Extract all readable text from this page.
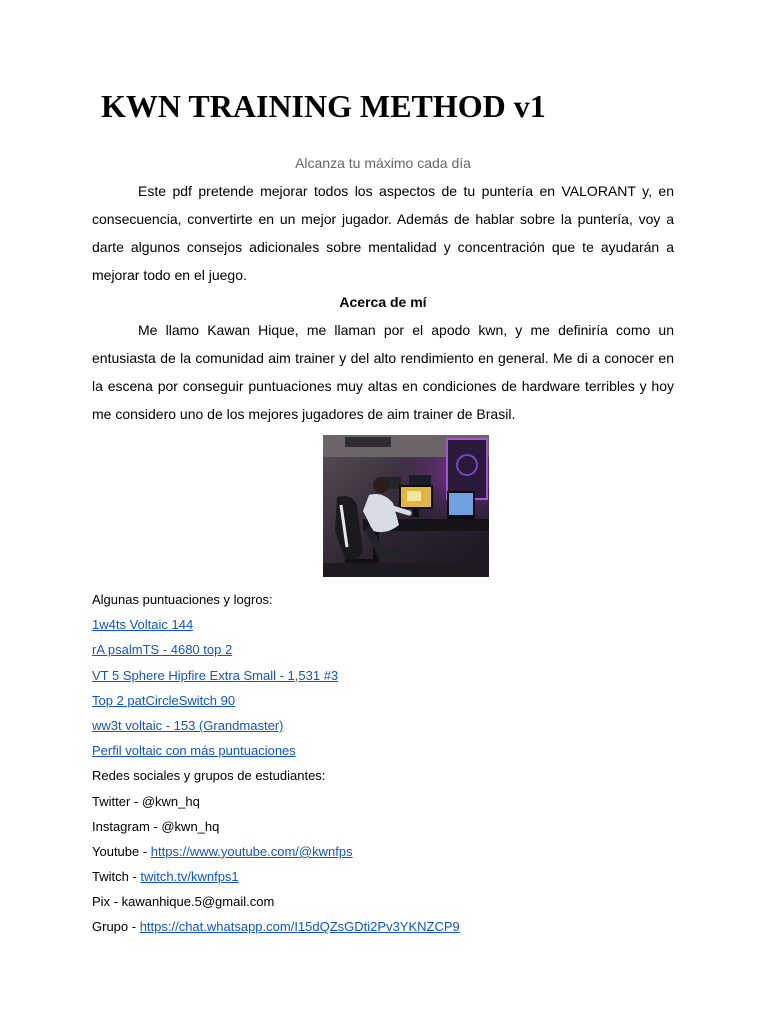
KWN TRAINING METHOD v1
Alcanza tu máximo cada día

Este pdf pretende mejorar todos los aspectos de tu puntería en VALORANT y, en consecuencia, convertirte en un mejor jugador. Además de hablar sobre la puntería, voy a darte algunos consejos adicionales sobre mentalidad y concentración que te ayudarán a mejorar todo en el juego.

Acerca de mí

Me llamo Kawan Hique, me llaman por el apodo kwn, y me definiría como un entusiasta de la comunidad aim trainer y del alto rendimiento en general. Me di a conocer en la escena por conseguir puntuaciones muy altas en condiciones de hardware terribles y hoy me considero uno de los mejores jugadores de aim trainer de Brasil.

Algunas puntuaciones y logros:
1w4ts Voltaic 144
rA psalmTS - 4680 top 2
VT 5 Sphere Hipfire Extra Small - 1,531 #3
Top 2 patCircleSwitch 90
ww3t voltaic - 153 (Grandmaster)
Perfil voltaic con más puntuaciones
Redes sociales y grupos de estudiantes:
Twitter - @kwn_hq
Instagram - @kwn_hq
Youtube - https://www.youtube.com/@kwnfps
Twitch - twitch.tv/kwnfps1
Pix - kawanhique.5@gmail.com
Grupo - https://chat.whatsapp.com/I15dQZsGDti2Pv3YKNZCP9
